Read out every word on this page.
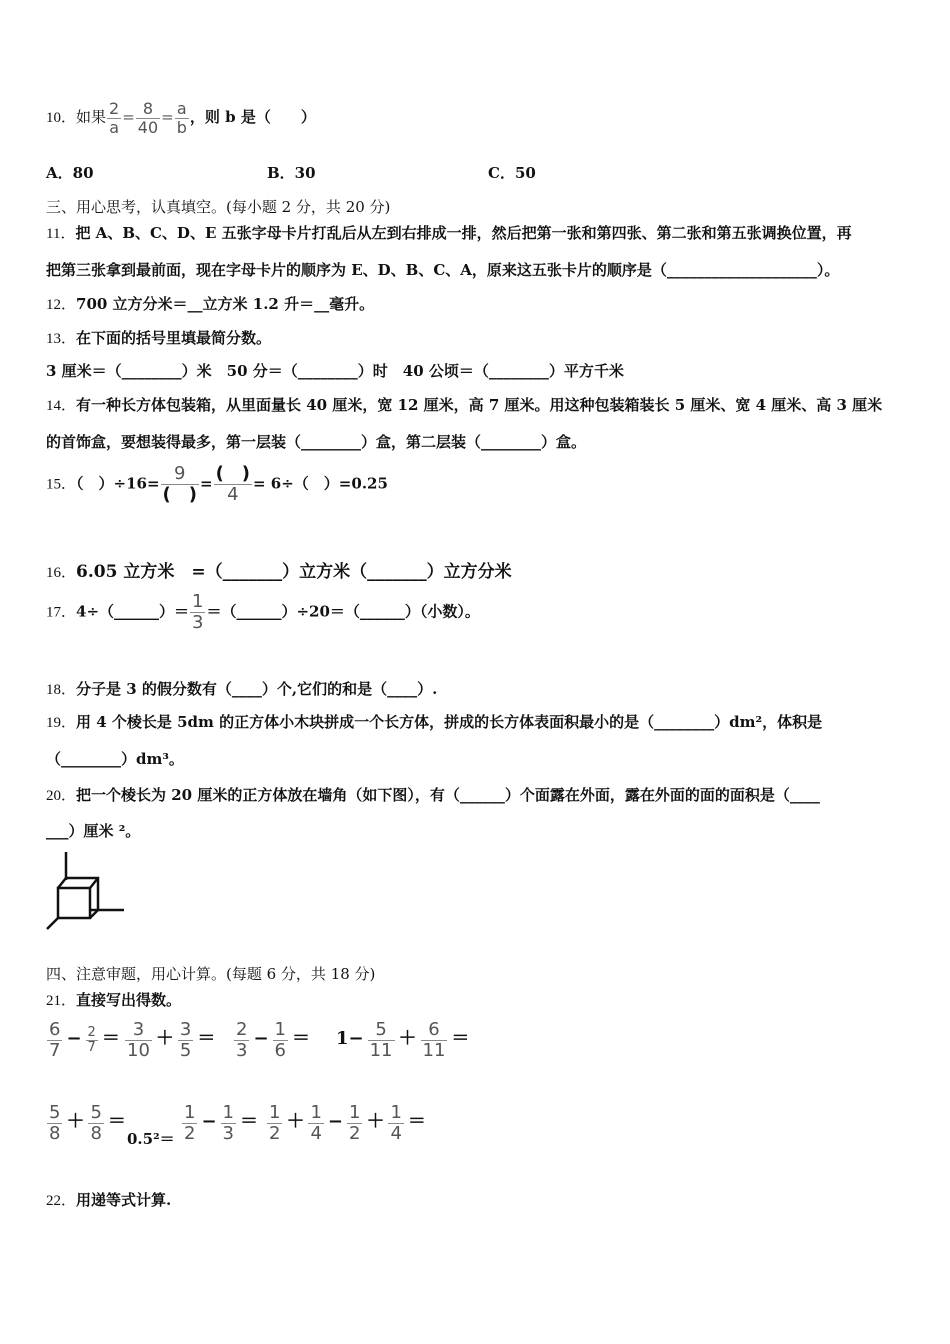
10．如果 $\frac{2}{a} = \frac{8}{40} = \frac{a}{b}$ ，则 b 是（　　）
A．80	B．30	C．50
三、用心思考，认真填空。(每小题 2 分，共 20 分)
11．把 A、B、C、D、E 五张字母卡片打乱后从左到右排成一排，然后把第一张和第四张、第二张和第五张调换位置，再
把第三张拿到最前面，现在字母卡片的顺序为 E、D、B、C、A，原来这五张卡片的顺序是（____________________）。
12．700 立方分米＝__立方米 1.2 升＝__毫升。
13．在下面的括号里填最简分数。
3 厘米＝（________）米　50 分＝（________）时　40 公顷＝（________）平方千米
14．有一种长方体包装箱，从里面量长 40 厘米，宽 12 厘米，高 7 厘米。用这种包装箱装长 5 厘米、宽 4 厘米、高 3 厘米
的首饰盒，要想装得最多，第一层装（________）盒，第二层装（________）盒。
15．（　）$\div 16= \frac{9}{( )} = \frac{( )}{4} = 6\div$（　）=0.25
16．6.05 立方米　=（_______）立方米（_______）立方分米
17．4÷（______）＝ $\frac{1}{3}$ ＝（______）÷20＝（______）（小数）。
18．分子是 3 的假分数有（____）个,它们的和是（____）.
19．用 4 个棱长是 5dm 的正方体小木块拼成一个长方体，拼成的长方体表面积最小的是（________）dm²，体积是
（________）dm³。
20．把一个棱长为 20 厘米的正方体放在墙角（如下图），有（______）个面露在外面，露在外面的面的面积是（____
___）厘米 ²。
四、注意审题，用心计算。(每题 6 分，共 18 分)
21．直接写出得数。
$\frac{6}{7} - \frac{2}{7} = \frac{3}{10} + \frac{3}{5} = \frac{2}{3} - \frac{1}{6} = 1- \frac{5}{11} + \frac{6}{11}$ ＝
$\frac{5}{8} + \frac{5}{8}$ ＝
$0.5^2= \frac{1}{2} - \frac{1}{3} = \frac{1}{2} + \frac{1}{4} - \frac{1}{2} + \frac{1}{4}$ ＝
22．用递等式计算.
